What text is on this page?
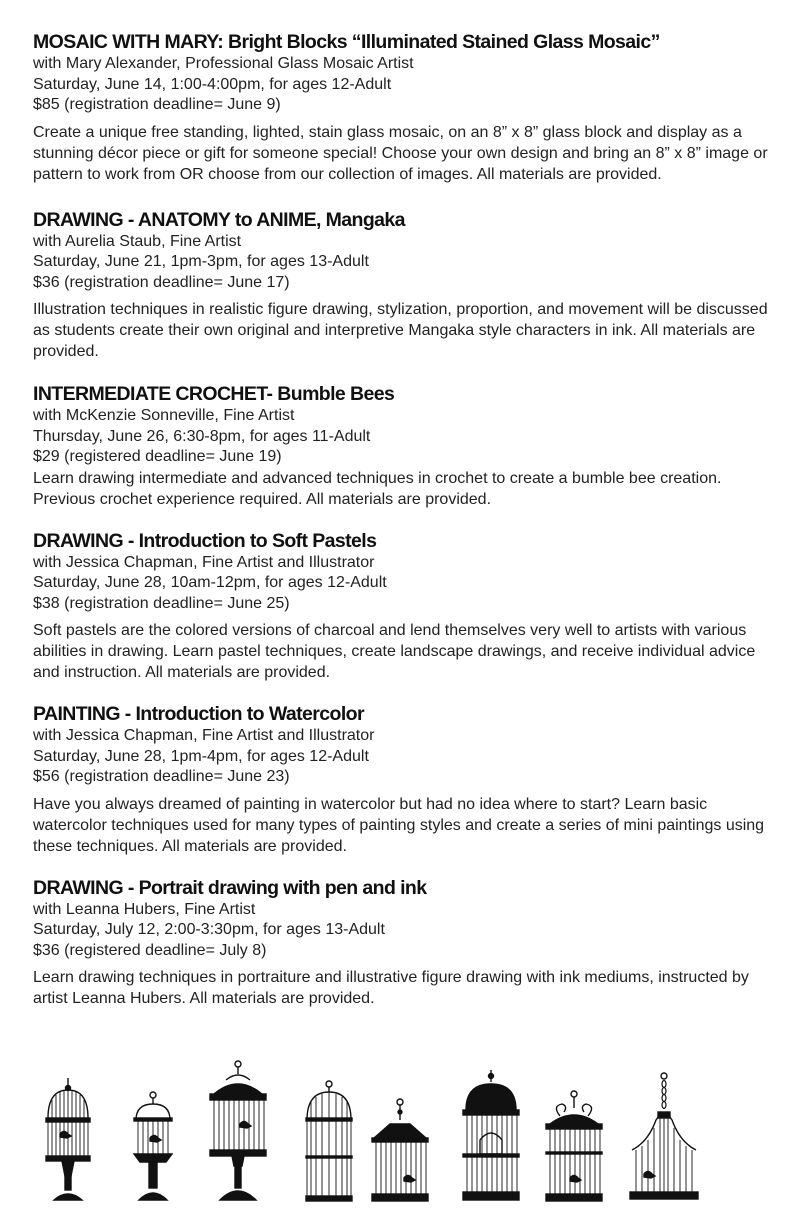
MOSAIC WITH MARY: Bright Blocks “Illuminated Stained Glass Mosaic”

with Mary Alexander, Professional Glass Mosaic Artist

Saturday, June 14, 1:00-4:00pm, for ages 12-Adult

$85 (registration deadline= June 9)

Create a unique free standing, lighted, stain glass mosaic, on an 8” x 8” glass block and display as a stunning décor piece or gift for someone special! Choose your own design and bring an 8” x 8” image or pattern to work from OR choose from our collection of images. All materials are provided.

DRAWING - ANATOMY to ANIME, Mangaka

with Aurelia Staub, Fine Artist

Saturday, June 21, 1pm-3pm, for ages 13-Adult

$36 (registration deadline= June 17)

Illustration techniques in realistic figure drawing, stylization, proportion, and movement will be discussed as students create their own original and interpretive Mangaka style characters in ink. All materials are provided.

INTERMEDIATE CROCHET- Bumble Bees

with McKenzie Sonneville, Fine Artist

Thursday, June 26, 6:30-8pm, for ages 11-Adult

$29 (registered deadline= June 19)

Learn drawing intermediate and advanced techniques in crochet to create a bumble bee creation. Previous crochet experience required. All materials are provided.

DRAWING - Introduction to Soft Pastels

with Jessica Chapman, Fine Artist and Illustrator

Saturday, June 28, 10am-12pm, for ages 12-Adult

$38 (registration deadline= June 25)

Soft pastels are the colored versions of charcoal and lend themselves very well to artists with various abilities in drawing. Learn pastel techniques, create landscape drawings, and receive individual advice and instruction. All materials are provided.

PAINTING - Introduction to Watercolor

with Jessica Chapman, Fine Artist and Illustrator

Saturday, June 28, 1pm-4pm, for ages 12-Adult

$56 (registration deadline= June 23)

Have you always dreamed of painting in watercolor but had no idea where to start? Learn basic watercolor techniques used for many types of painting styles and create a series of mini paintings using these techniques. All materials are provided.

DRAWING - Portrait drawing with pen and ink

with Leanna Hubers, Fine Artist

Saturday, July 12, 2:00-3:30pm, for ages 13-Adult

$36 (registered deadline= July 8)

Learn drawing techniques in portraiture and illustrative figure drawing with ink mediums, instructed by artist Leanna Hubers. All materials are provided.
